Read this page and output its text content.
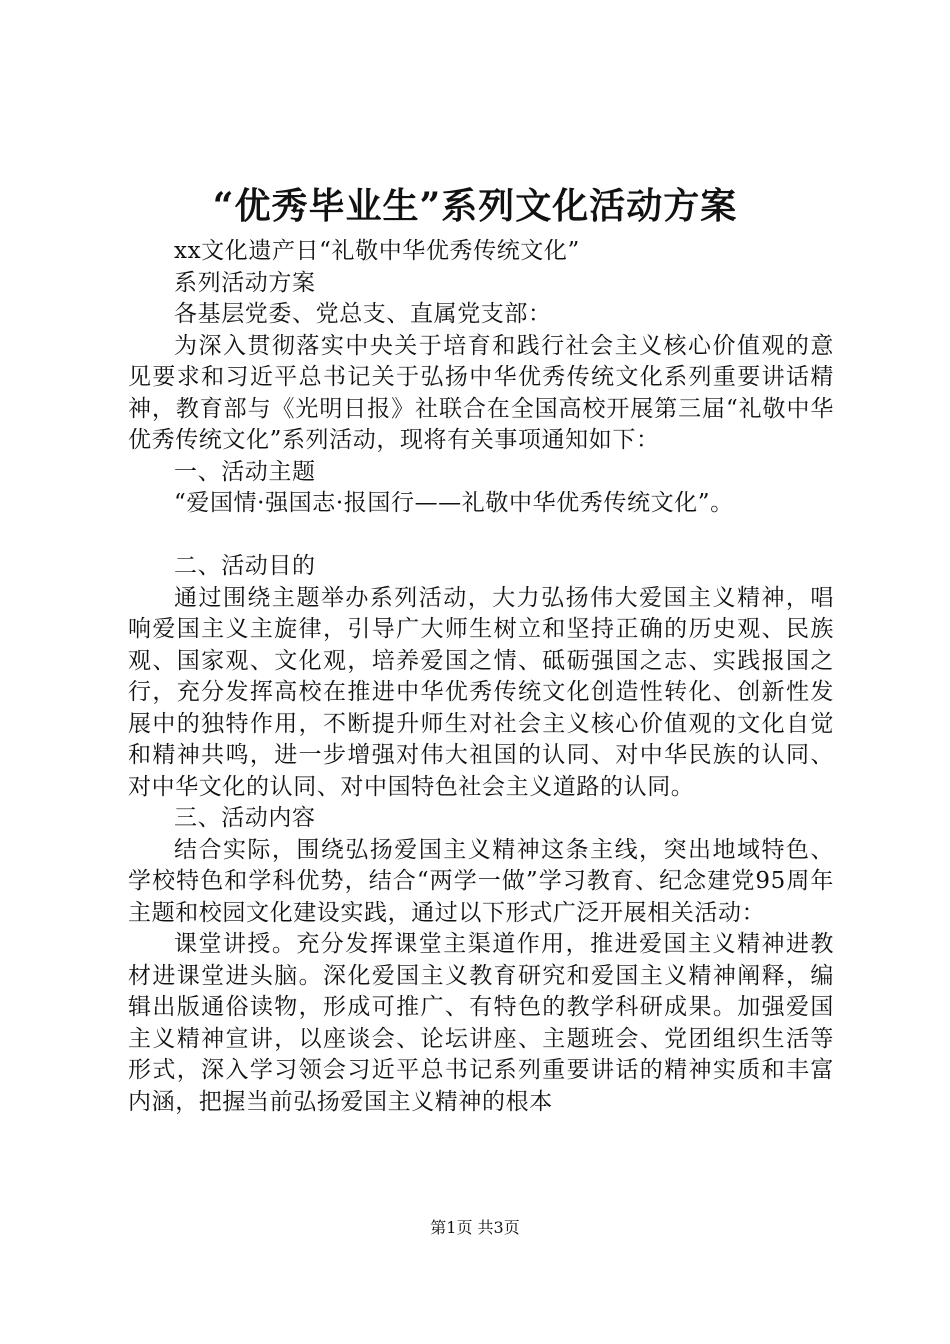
“优秀毕业生”系列文化活动方案

xx文化遗产日“礼敬中华优秀传统文化”

系列活动方案

各基层党委、党总支、直属党支部：

为深入贯彻落实中央关于培育和践行社会主义核心价值观的意见要求和习近平总书记关于弘扬中华优秀传统文化系列重要讲话精神，教育部与《光明日报》社联合在全国高校开展第三届“礼敬中华优秀传统文化”系列活动，现将有关事项通知如下：

一、活动主题

“爱国情·强国志·报国行——礼敬中华优秀传统文化”。

二、活动目的

通过围绕主题举办系列活动，大力弘扬伟大爱国主义精神，唱响爱国主义主旋律，引导广大师生树立和坚持正确的历史观、民族观、国家观、文化观，培养爱国之情、砥砺强国之志、实践报国之行，充分发挥高校在推进中华优秀传统文化创造性转化、创新性发展中的独特作用，不断提升师生对社会主义核心价值观的文化自觉和精神共鸣，进一步增强对伟大祖国的认同、对中华民族的认同、对中华文化的认同、对中国特色社会主义道路的认同。

三、活动内容

结合实际，围绕弘扬爱国主义精神这条主线，突出地域特色、学校特色和学科优势，结合“两学一做”学习教育、纪念建党95周年主题和校园文化建设实践，通过以下形式广泛开展相关活动：

课堂讲授。充分发挥课堂主渠道作用，推进爱国主义精神进教材进课堂进头脑。深化爱国主义教育研究和爱国主义精神阐释，编辑出版通俗读物，形成可推广、有特色的教学科研成果。加强爱国主义精神宣讲，以座谈会、论坛讲座、主题班会、党团组织生活等形式，深入学习领会习近平总书记系列重要讲话的精神实质和丰富内涵，把握当前弘扬爱国主义精神的根本

第1页 共3页
